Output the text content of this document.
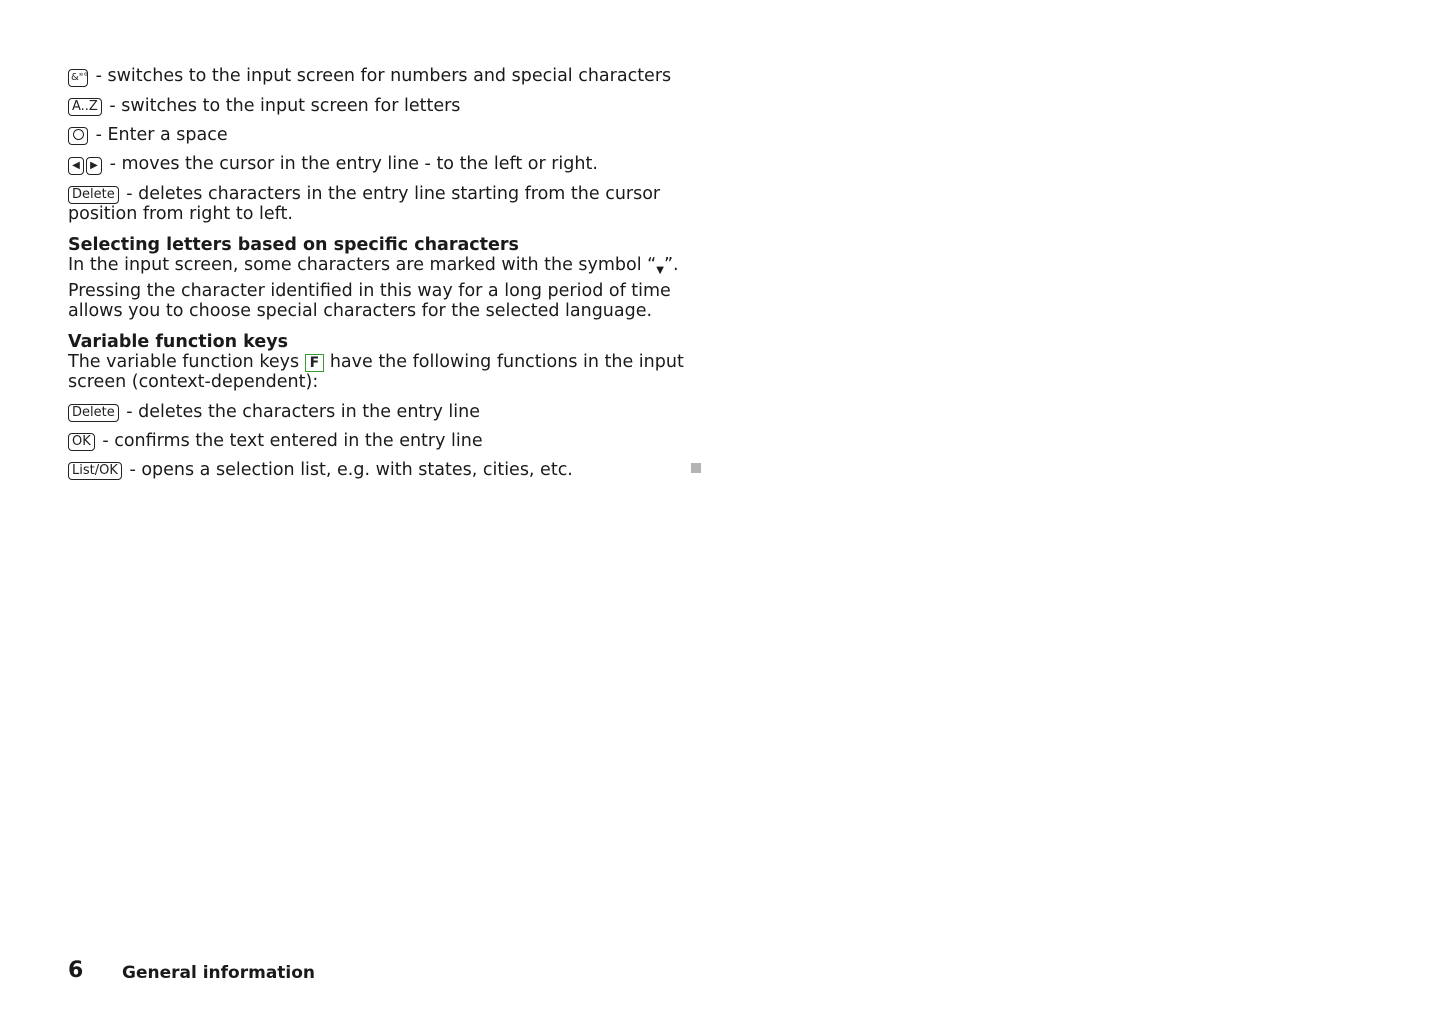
&"° - switches to the input screen for numbers and special characters
A..Z - switches to the input screen for letters
- Enter a space
◀ ▶ - moves the cursor in the entry line - to the left or right.
Delete - deletes characters in the entry line starting from the cursor position from right to left.
Selecting letters based on specific characters
In the input screen, some characters are marked with the symbol “▼”. Pressing the character identified in this way for a long period of time allows you to choose special characters for the selected language.
Variable function keys
The variable function keys F have the following functions in the input screen (context-dependent):
Delete - deletes the characters in the entry line
OK - confirms the text entered in the entry line
List/OK - opens a selection list, e.g. with states, cities, etc.
6 General information
